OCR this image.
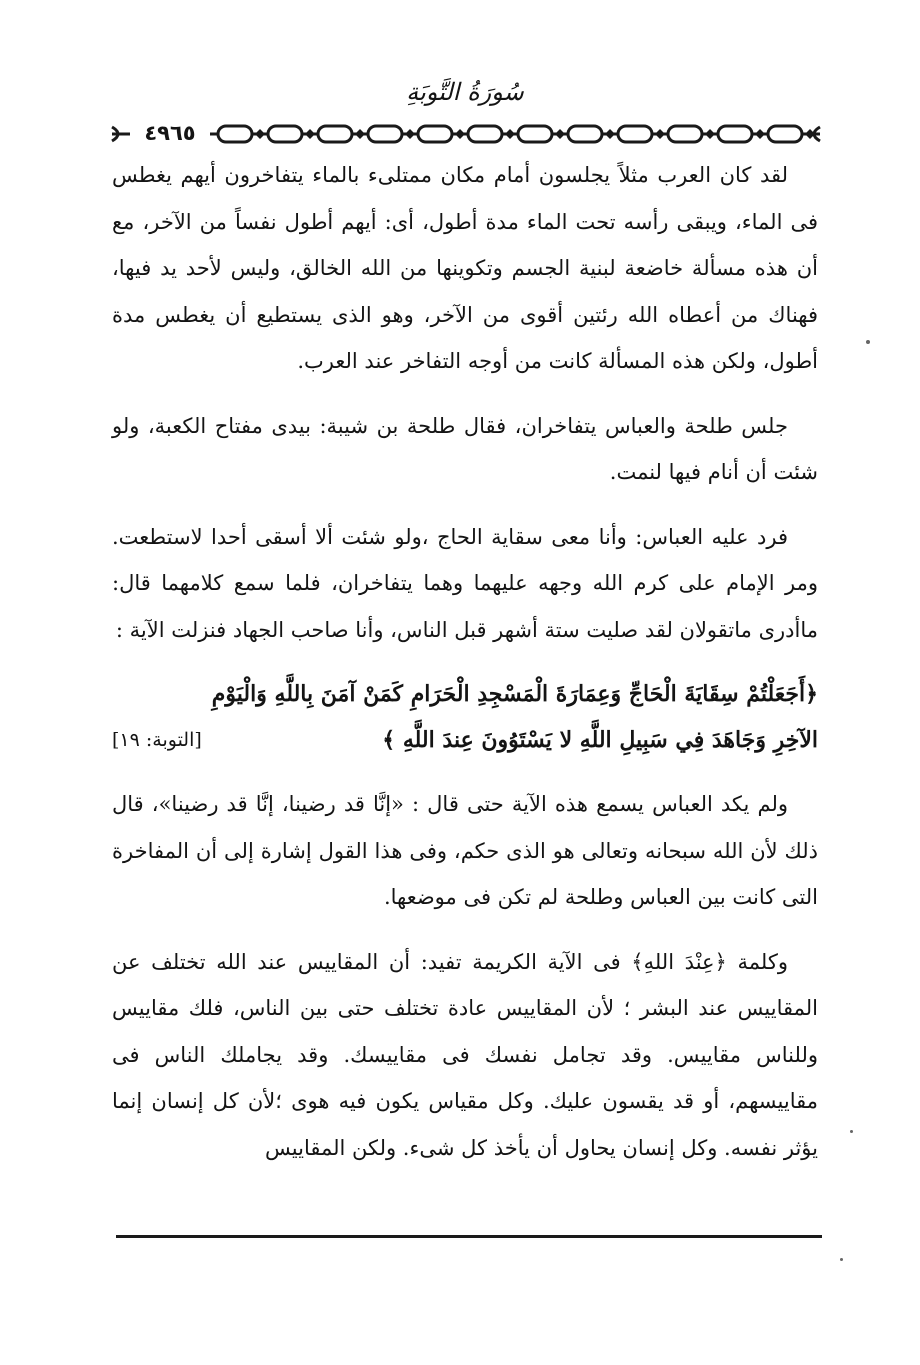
سُورَةُ التَّوبَةِ
٤٩٦٥

لقد كان العرب مثلاً يجلسون أمام مكان ممتلىء بالماء يتفاخرون أيهم يغطس فى الماء، ويبقى رأسه تحت الماء مدة أطول، أى: أيهم أطول نفساً من الآخر، مع أن هذه مسألة خاضعة لبنية الجسم وتكوينها من الله الخالق، وليس لأحد يد فيها، فهناك من أعطاه الله رئتين أقوى من الآخر، وهو الذى يستطيع أن يغطس مدة أطول، ولكن هذه المسألة كانت من أوجه التفاخر عند العرب.

جلس طلحة والعباس يتفاخران، فقال طلحة بن شيبة: بيدى مفتاح الكعبة، ولو شئت أن أنام فيها لنمت.

فرد عليه العباس: وأنا معى سقاية الحاج ،ولو شئت ألا أسقى أحدا لاستطعت. ومر الإمام على كرم الله وجهه عليهما وهما يتفاخران، فلما سمع كلامهما قال: ماأدرى ماتقولان لقد صليت ستة أشهر قبل الناس، وأنا صاحب الجهاد فنزلت الآية :

﴿أَجَعَلْتُمْ سِقَايَةَ الْحَاجِّ وَعِمَارَةَ الْمَسْجِدِ الْحَرَامِ كَمَنْ آمَنَ بِاللَّهِ وَالْيَوْمِ
الآخِرِ وَجَاهَدَ فِي سَبِيلِ اللَّهِ لا يَسْتَوُونَ عِندَ اللَّهِ ﴾
[التوبة: ١٩]

ولم يكد العباس يسمع هذه الآية حتى قال : «إنَّا قد رضينا، إنَّا قد رضينا»، قال ذلك لأن الله سبحانه وتعالى هو الذى حكم، وفى هذا القول إشارة إلى أن المفاخرة التى كانت بين العباس وطلحة لم تكن فى موضعها.

وكلمة ﴿عِنْدَ اللهِ﴾ فى الآية الكريمة تفيد: أن المقاييس عند الله تختلف عن المقاييس عند البشر ؛ لأن المقاييس عادة تختلف حتى بين الناس، فلك مقاييس وللناس مقاييس. وقد تجامل نفسك فى مقاييسك. وقد يجاملك الناس فى مقاييسهم، أو قد يقسون عليك. وكل مقياس يكون فيه هوى ؛لأن كل إنسان إنما يؤثر نفسه. وكل إنسان يحاول أن يأخذ كل شىء. ولكن المقاييس
